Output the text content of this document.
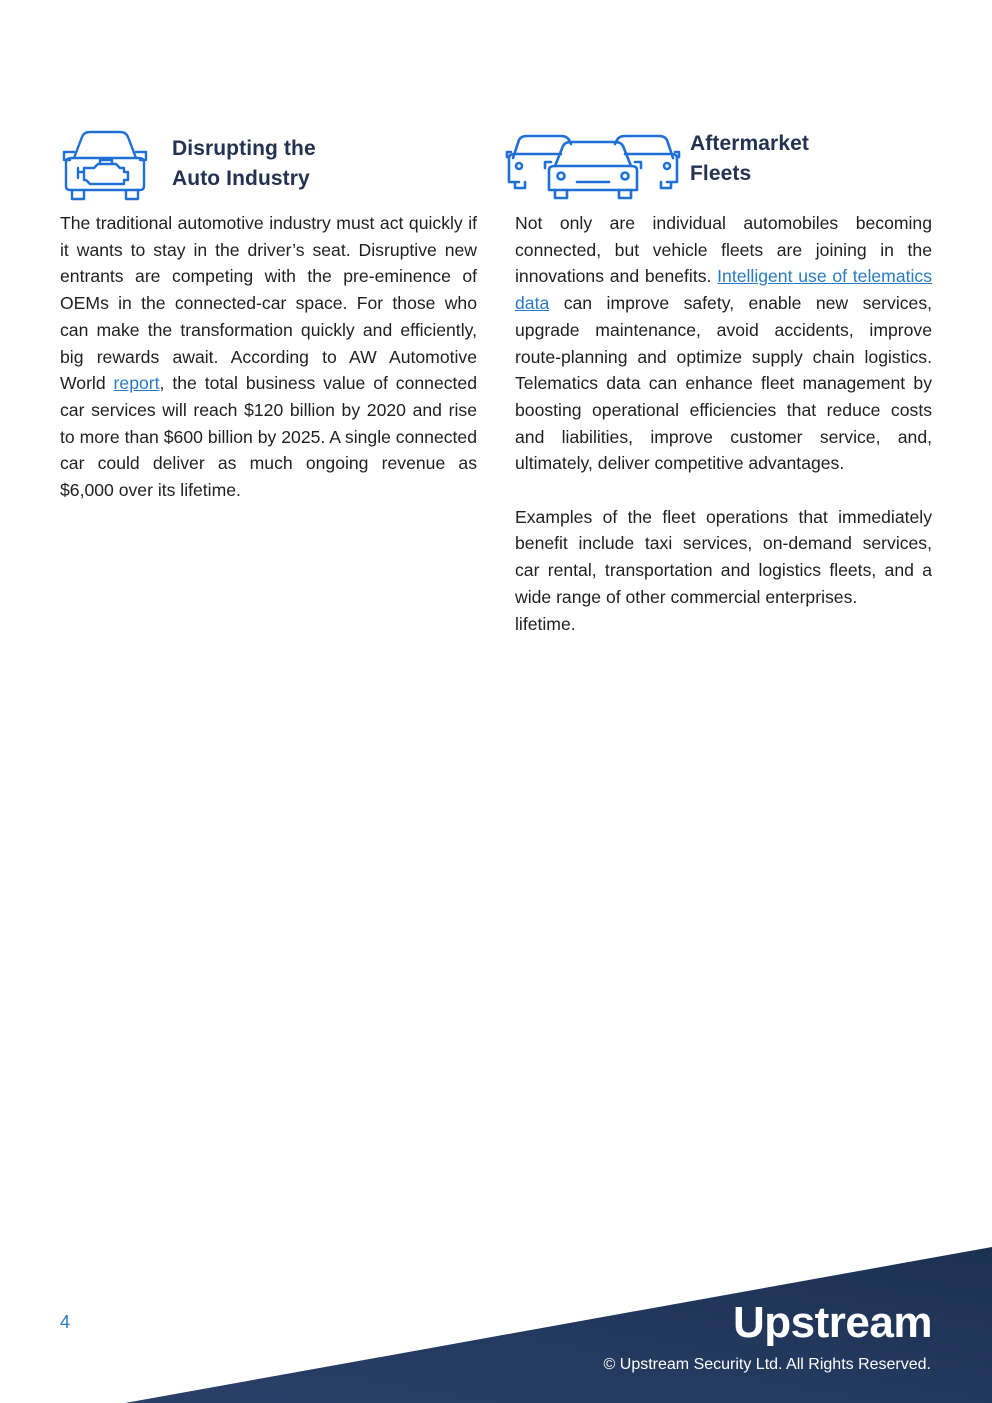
Disrupting the
Auto Industry

The traditional automotive industry must act quickly if it wants to stay in the driver’s seat. Disruptive new entrants are competing with the pre-eminence of OEMs in the connected-car space. For those who can make the transformation quickly and efficiently, big rewards await. According to AW Automotive World report, the total business value of connected car services will reach $120 billion by 2020 and rise to more than $600 billion by 2025. A single connected car could deliver as much ongoing revenue as $6,000 over its lifetime.

Aftermarket
Fleets

Not only are individual automobiles becoming connected, but vehicle fleets are joining in the innovations and benefits. Intelligent use of telematics data can improve safety, enable new services, upgrade maintenance, avoid accidents, improve route-planning and optimize supply chain logistics. Telematics data can enhance fleet management by boosting operational efficiencies that reduce costs and liabilities, improve customer service, and, ultimately, deliver competitive advantages.

Examples of the fleet operations that immediately benefit include taxi services, on-demand services, car rental, transportation and logistics fleets, and a wide range of other commercial enterprises.

lifetime.
4	Upstream
© Upstream Security Ltd. All Rights Reserved.
